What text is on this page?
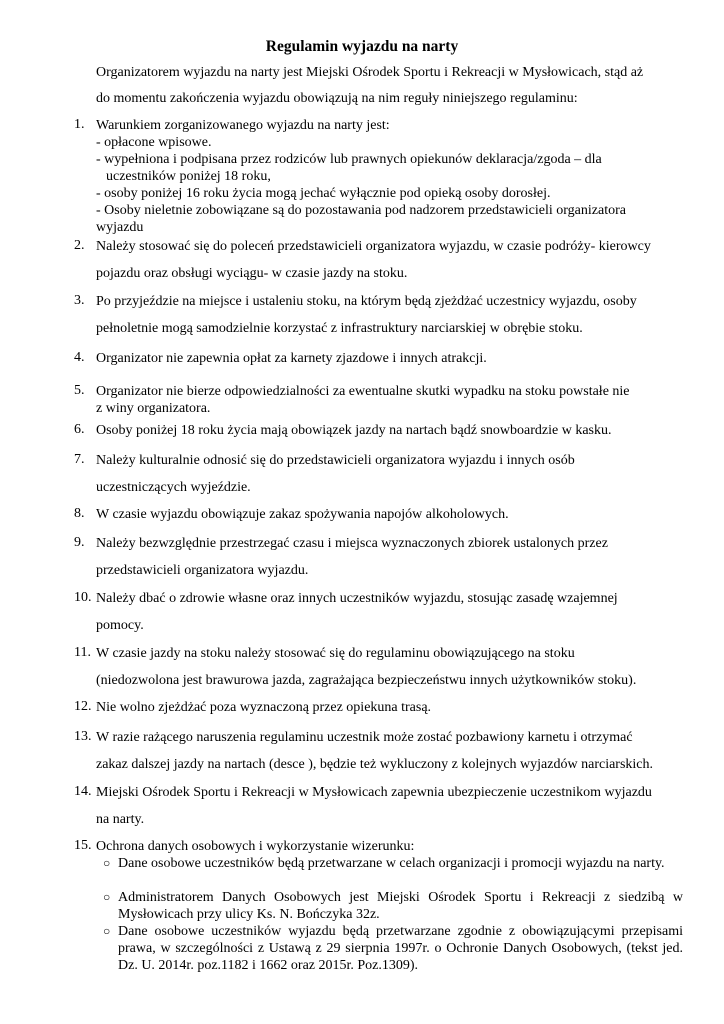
Regulamin wyjazdu na narty
Organizatorem wyjazdu na narty jest Miejski Ośrodek Sportu i Rekreacji w Mysłowicach, stąd aż
do momentu zakończenia wyjazdu obowiązują na nim reguły niniejszego regulaminu:
1. Warunkiem zorganizowanego wyjazdu na narty jest:
- opłacone wpisowe.
- wypełniona i podpisana przez rodziców lub prawnych opiekunów deklaracja/zgoda – dla
uczestników poniżej 18 roku,
- osoby poniżej 16 roku życia mogą jechać wyłącznie pod opieką osoby dorosłej.
- Osoby nieletnie zobowiązane są do pozostawania pod nadzorem przedstawicieli organizatora
wyjazdu
2. Należy stosować się do poleceń przedstawicieli organizatora wyjazdu, w czasie podróży- kierowcy
pojazdu oraz obsługi wyciągu- w czasie jazdy na stoku.
3. Po przyjeździe na miejsce i ustaleniu stoku, na którym będą zjeżdżać uczestnicy wyjazdu, osoby
pełnoletnie mogą samodzielnie korzystać z infrastruktury narciarskiej w obrębie stoku.
4. Organizator nie zapewnia opłat za karnety zjazdowe i innych atrakcji.
5. Organizator nie bierze odpowiedzialności za ewentualne skutki wypadku na stoku powstałe nie
z winy organizatora.
6. Osoby poniżej 18 roku życia mają obowiązek jazdy na nartach bądź snowboardzie w kasku.
7. Należy kulturalnie odnosić się do przedstawicieli organizatora wyjazdu i innych osób
uczestniczących wyjeździe.
8. W czasie wyjazdu obowiązuje zakaz spożywania napojów alkoholowych.
9. Należy bezwzględnie przestrzegać czasu i miejsca wyznaczonych zbiorek ustalonych przez
przedstawicieli organizatora wyjazdu.
10. Należy dbać o zdrowie własne oraz innych uczestników wyjazdu, stosując zasadę wzajemnej
pomocy.
11. W czasie jazdy na stoku należy stosować się do regulaminu obowiązującego na stoku
(niedozwolona jest brawurowa jazda, zagrażająca bezpieczeństwu innych użytkowników stoku).
12. Nie wolno zjeżdżać poza wyznaczoną przez opiekuna trasą.
13. W razie rażącego naruszenia regulaminu uczestnik może zostać pozbawiony karnetu i otrzymać
zakaz dalszej jazdy na nartach (desce ), będzie też wykluczony z kolejnych wyjazdów narciarskich.
14. Miejski Ośrodek Sportu i Rekreacji w Mysłowicach zapewnia ubezpieczenie uczestnikom wyjazdu
na narty.
15. Ochrona danych osobowych i wykorzystanie wizerunku:
○ Dane osobowe uczestników będą przetwarzane w celach organizacji i promocji wyjazdu na narty.
○ Administratorem Danych Osobowych jest Miejski Ośrodek Sportu i Rekreacji z siedzibą w Mysłowicach przy ulicy Ks. N. Bończyka 32z.
○ Dane osobowe uczestników wyjazdu będą przetwarzane zgodnie z obowiązującymi przepisami prawa, w szczególności z Ustawą z 29 sierpnia 1997r. o Ochronie Danych Osobowych, (tekst jed. Dz. U. 2014r. poz.1182 i 1662 oraz 2015r. Poz.1309).
